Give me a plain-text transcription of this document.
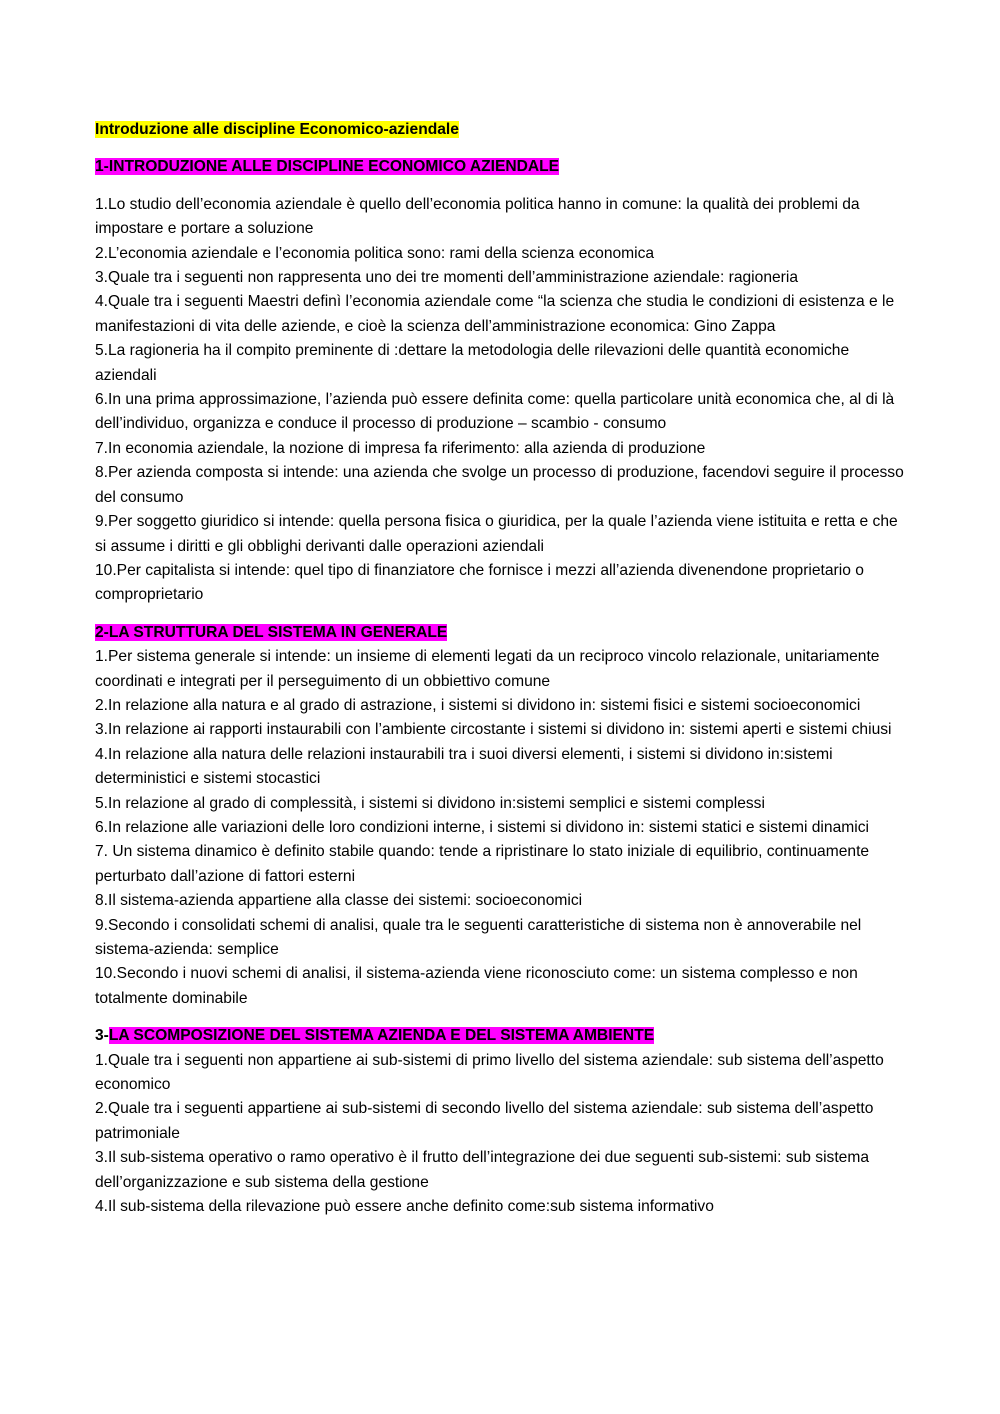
Introduzione alle discipline Economico-aziendale

1-INTRODUZIONE ALLE DISCIPLINE ECONOMICO AZIENDALE

1.Lo studio dell’economia aziendale è quello dell’economia politica hanno in comune: la qualità dei problemi da impostare e portare a soluzione

2.L’economia aziendale e l’economia politica sono: rami della scienza economica

3.Quale tra i seguenti non rappresenta uno dei tre momenti dell’amministrazione aziendale: ragioneria

4.Quale tra i seguenti Maestri definì l’economia aziendale come “la scienza che studia le condizioni di esistenza e le manifestazioni di vita delle aziende, e cioè la scienza dell’amministrazione economica: Gino Zappa

5.La ragioneria ha il compito preminente di :dettare la metodologia delle rilevazioni delle quantità economiche aziendali

6.In una prima approssimazione, l’azienda può essere definita come: quella particolare unità economica che, al di là dell’individuo, organizza e conduce il processo di produzione – scambio - consumo

7.In economia aziendale, la nozione di impresa fa riferimento: alla azienda di produzione

8.Per azienda composta si intende: una azienda che svolge un processo di produzione, facendovi seguire il processo del consumo

9.Per soggetto giuridico si intende: quella persona fisica o giuridica, per la quale l’azienda viene istituita e retta e che si assume i diritti e gli obblighi derivanti dalle operazioni aziendali

10.Per capitalista si intende: quel tipo di finanziatore che fornisce i mezzi all’azienda divenendone proprietario o comproprietario

2-LA STRUTTURA DEL SISTEMA IN GENERALE

1.Per sistema generale si intende: un insieme di elementi legati da un reciproco vincolo relazionale, unitariamente coordinati e integrati per il perseguimento di un obbiettivo comune

2.In relazione alla natura e al grado di astrazione, i sistemi si dividono in: sistemi fisici e sistemi socioeconomici

3.In relazione ai rapporti instaurabili con l’ambiente circostante i sistemi si dividono in: sistemi aperti e sistemi chiusi

4.In relazione alla natura delle relazioni instaurabili tra i suoi diversi elementi, i sistemi si dividono in:sistemi deterministici e sistemi stocastici

5.In relazione al grado di complessità, i sistemi si dividono in:sistemi semplici e sistemi complessi

6.In relazione alle variazioni delle loro condizioni interne, i sistemi si dividono in: sistemi statici e sistemi dinamici

7. Un sistema dinamico è definito stabile quando: tende a ripristinare lo stato iniziale di equilibrio, continuamente perturbato dall’azione di fattori esterni

8.Il sistema-azienda appartiene alla classe dei sistemi: socioeconomici

9.Secondo i consolidati schemi di analisi, quale tra le seguenti caratteristiche di sistema non è annoverabile nel sistema-azienda: semplice

10.Secondo i nuovi schemi di analisi, il sistema-azienda viene riconosciuto come: un sistema complesso e non totalmente dominabile

3-LA SCOMPOSIZIONE DEL SISTEMA AZIENDA E DEL SISTEMA AMBIENTE

1.Quale tra i seguenti non appartiene ai sub-sistemi di primo livello del sistema aziendale: sub sistema dell’aspetto economico

2.Quale tra i seguenti appartiene ai sub-sistemi di secondo livello del sistema aziendale: sub sistema dell’aspetto patrimoniale

3.Il sub-sistema operativo o ramo operativo è il frutto dell’integrazione dei due seguenti sub-sistemi: sub sistema dell’organizzazione e sub sistema della gestione

4.Il sub-sistema della rilevazione può essere anche definito come:sub sistema informativo
